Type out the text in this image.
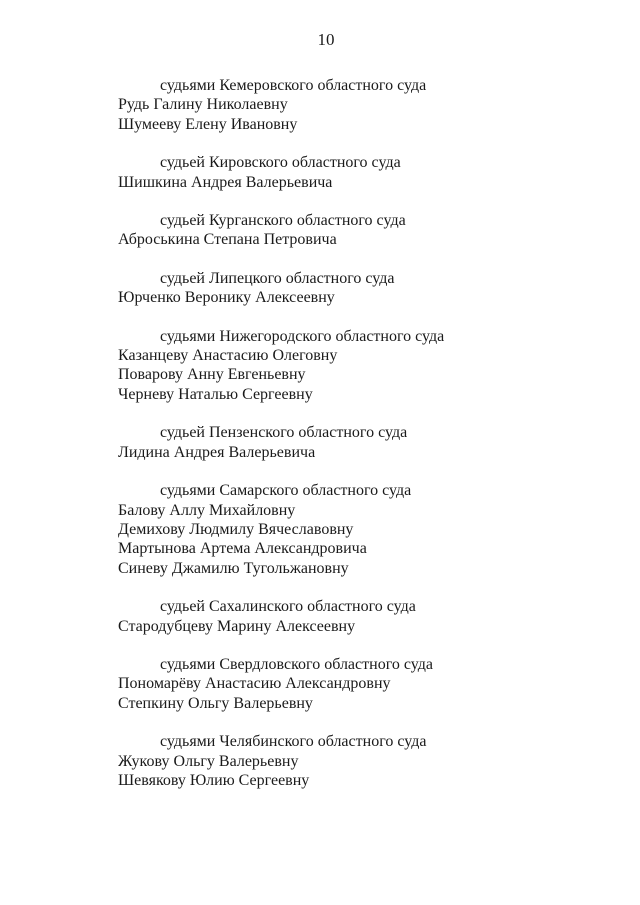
10
судьями Кемеровского областного суда
Рудь Галину Николаевну
Шумееву Елену Ивановну
судьей Кировского областного суда
Шишкина Андрея Валерьевича
судьей Курганского областного суда
Аброськина Степана Петровича
судьей Липецкого областного суда
Юрченко Веронику Алексеевну
судьями Нижегородского областного суда
Казанцеву Анастасию Олеговну
Поварову Анну Евгеньевну
Черневу Наталью Сергеевну
судьей Пензенского областного суда
Лидина Андрея Валерьевича
судьями Самарского областного суда
Балову Аллу Михайловну
Демихову Людмилу Вячеславовну
Мартынова Артема Александровича
Синеву Джамилю Тугольжановну
судьей Сахалинского областного суда
Стародубцеву Марину Алексеевну
судьями Свердловского областного суда
Пономарёву Анастасию Александровну
Степкину Ольгу Валерьевну
судьями Челябинского областного суда
Жукову Ольгу Валерьевну
Шевякову Юлию Сергеевну
